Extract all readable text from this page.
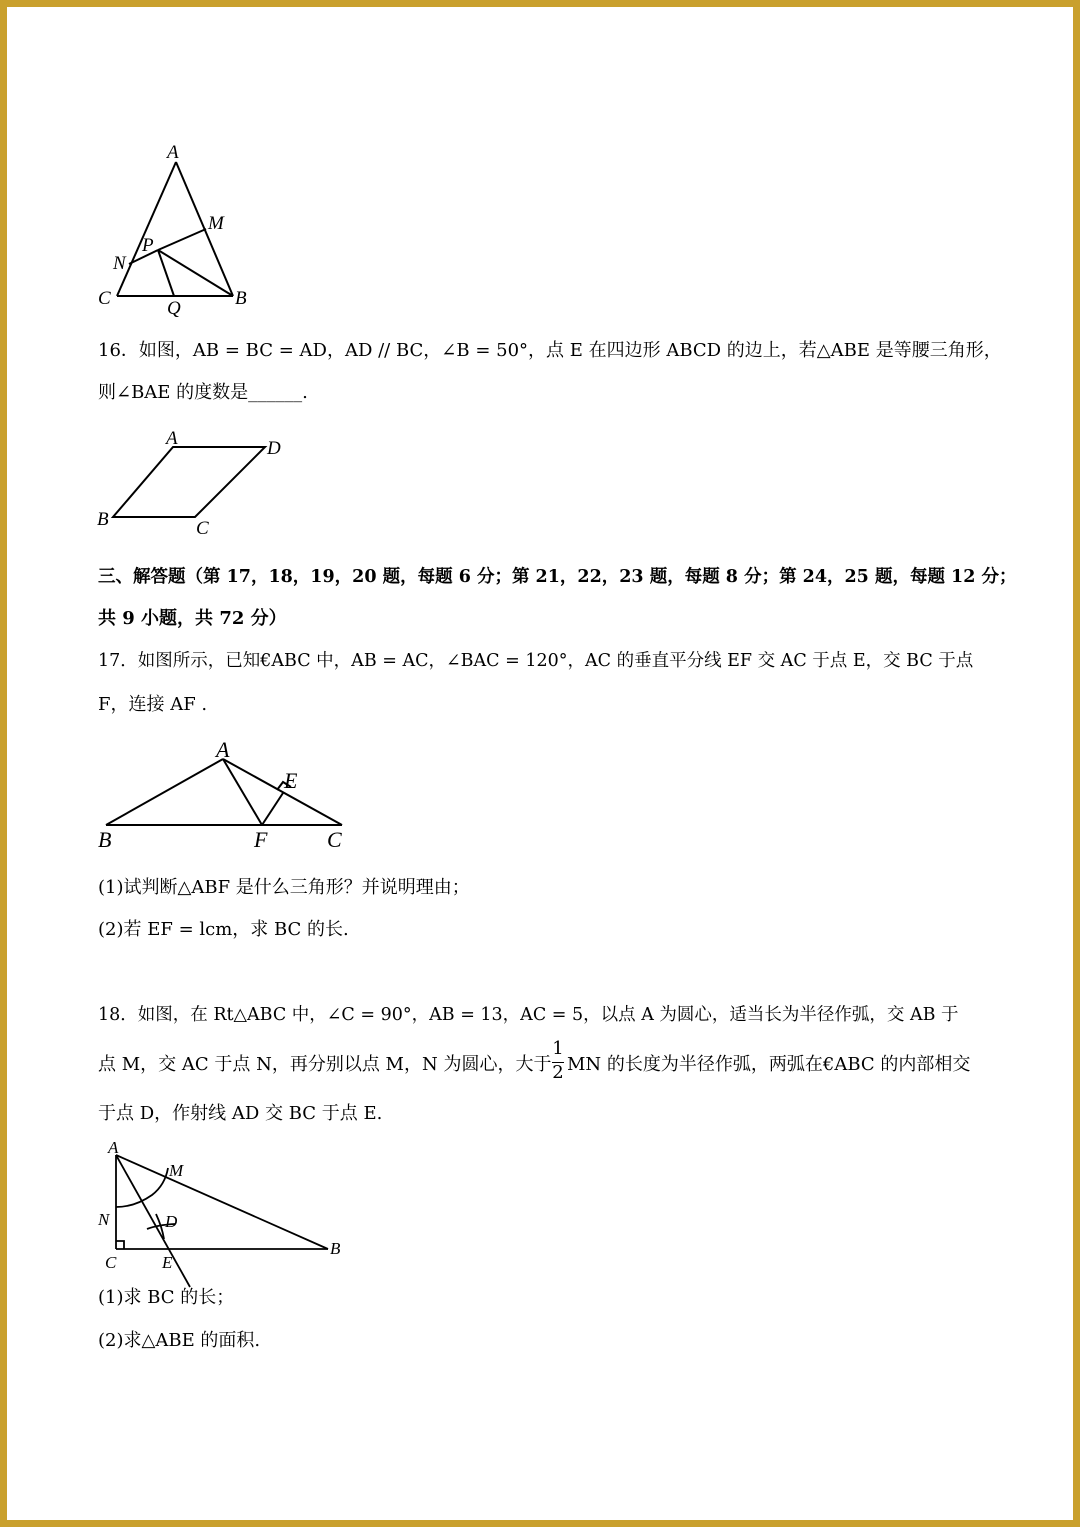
A
M
P
N
C	Q	B
16．如图，AB = BC = AD，AD // BC，∠B = 50°，点 E 在四边形 ABCD 的边上，若△ABE 是等腰三角形，
则∠BAE 的度数是______.
A	D
B	C
三、解答题（第 17，18，19，20 题，每题 6 分；第 21，22，23 题，每题 8 分；第 24，25 题，每题 12 分；
共 9 小题，共 72 分）
17．如图所示，已知€ABC 中，AB = AC，∠BAC = 120°，AC 的垂直平分线 EF 交 AC 于点 E，交 BC 于点
F，连接 AF .
A
E
B	F	C
(1)试判断△ABF 是什么三角形？并说明理由；
(2)若 EF = lcm，求 BC 的长.
18．如图，在 Rt△ABC 中，∠C = 90°，AB = 13，AC = 5，以点 A 为圆心，适当长为半径作弧，交 AB 于
点 M，交 AC 于点 N，再分别以点 M，N 为圆心，大于
1
2 MN 的长度为半径作弧，两弧在€ABC 的内部相交
于点 D，作射线 AD 交 BC 于点 E.
A
M
N	D
C	E
B
(1)求 BC 的长；
(2)求△ABE 的面积.
